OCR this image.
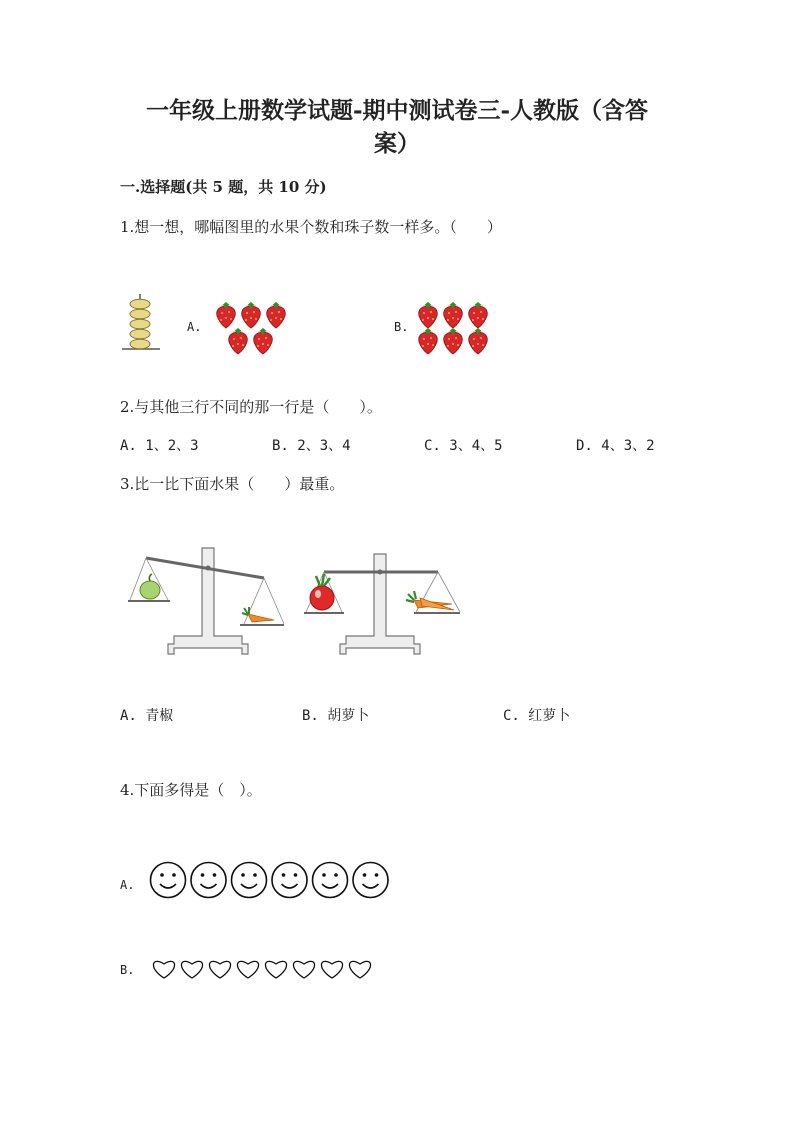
一年级上册数学试题-期中测试卷三-人教版（含答
案）
一.选择题(共 5 题，共 10 分)
1.想一想，哪幅图里的水果个数和珠子数一样多。（　　）
A.	B.
2.与其他三行不同的那一行是（　　）。
A. 1、2、3	B. 2、3、4	C. 3、4、5	D. 4、3、2
3.比一比下面水果（　　）最重。
A. 青椒	B. 胡萝卜	C. 红萝卜
4.下面多得是（　）。
A.
B.
